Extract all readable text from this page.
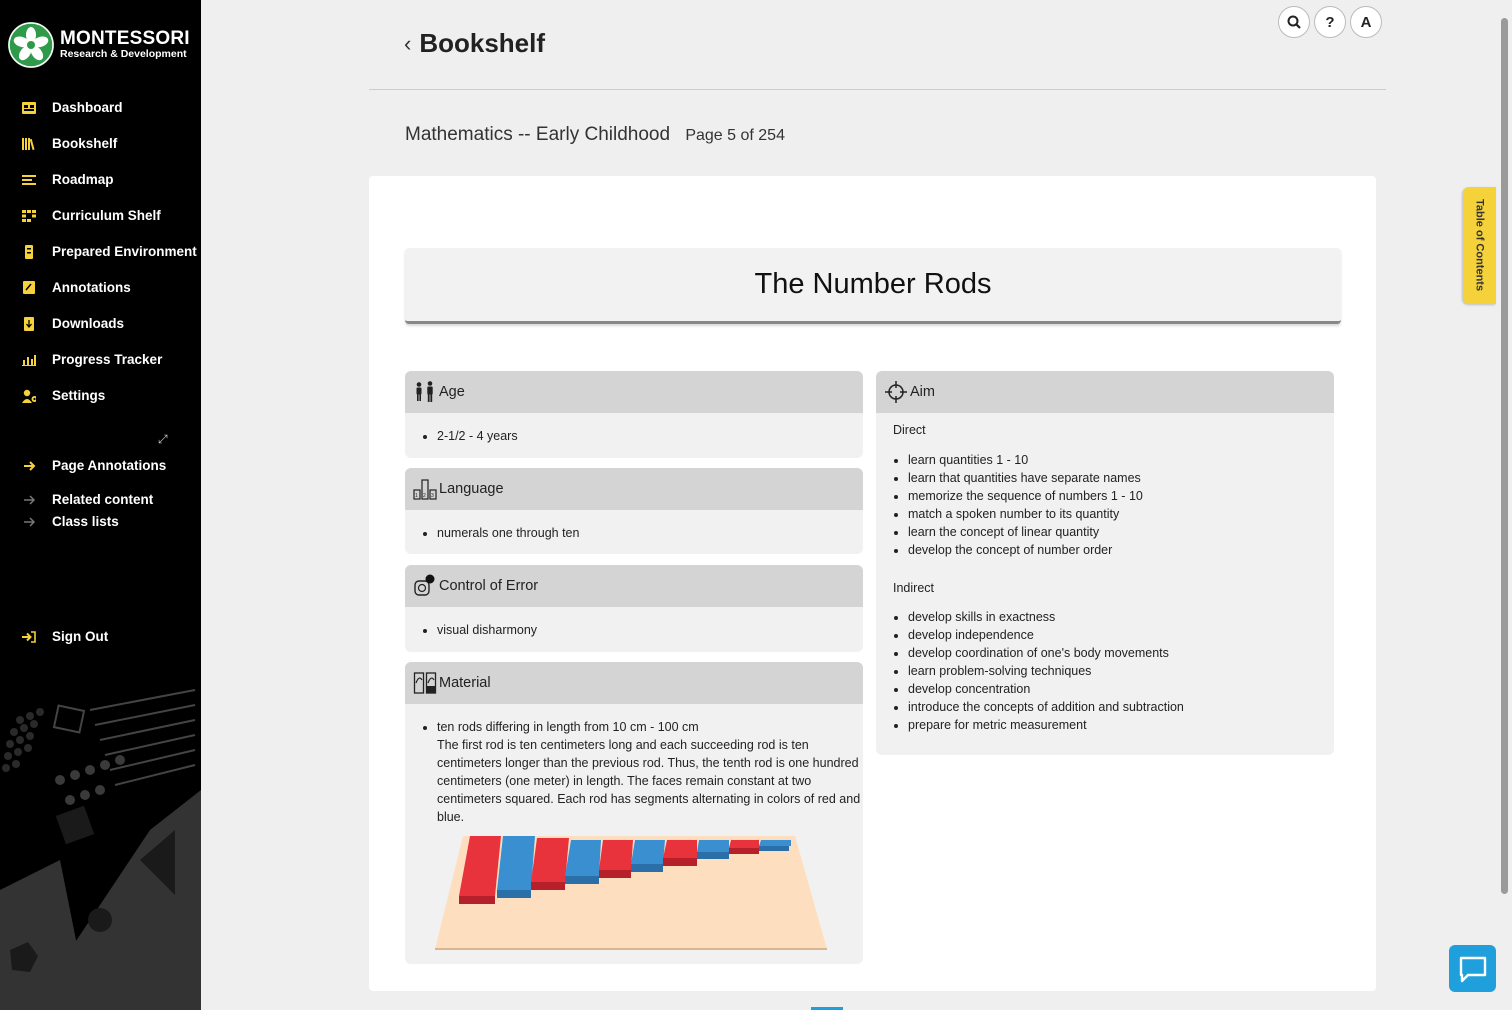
MONTESSORI
Research & Development
Dashboard
Bookshelf
Roadmap
Curriculum Shelf
Prepared Environment
Annotations
Downloads
Progress Tracker
Settings
⤢
Page Annotations
Related content
Class lists
Sign Out
‹ Bookshelf
?	A
Mathematics -- Early Childhood Page 5 of 254
The Number Rods
Age
• 2-1/2 - 4 years
1 2 3 Language
• numerals one through ten
Control of Error
• visual disharmony
Material
• ten rods differing in length from 10 cm - 100 cm
The first rod is ten centimeters long and each succeeding rod is ten centimeters longer than the previous rod. Thus, the tenth rod is one hundred centimeters (one meter) in length. The faces remain constant at two centimeters squared. Each rod has segments alternating in colors of red and blue.
Aim
Direct
• learn quantities 1 - 10
• learn that quantities have separate names
• memorize the sequence of numbers 1 - 10
• match a spoken number to its quantity
• learn the concept of linear quantity
• develop the concept of number order
Indirect
• develop skills in exactness
• develop independence
• develop coordination of one's body movements
• learn problem-solving techniques
• develop concentration
• introduce the concepts of addition and subtraction
• prepare for metric measurement
Table of Contents
